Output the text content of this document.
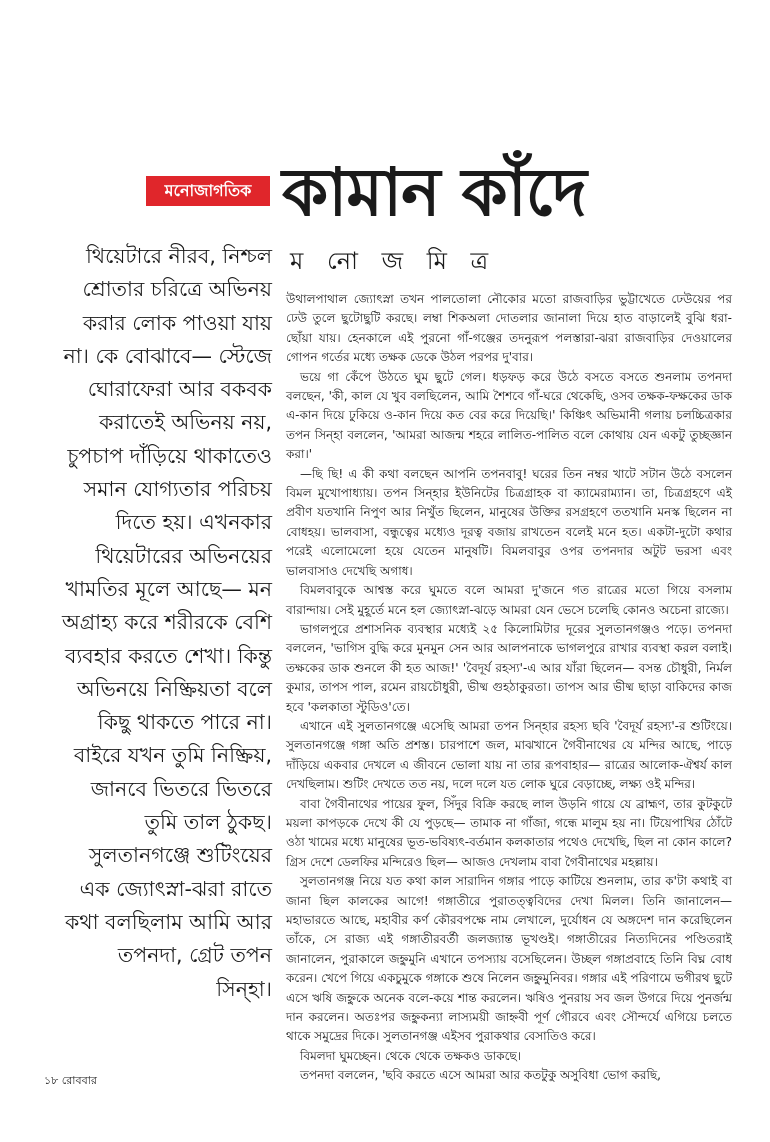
মনোজাগতিক কামান কাঁদে
ম নো জ মি ত্র
থিয়েটারে নীরব, নিশ্চল শ্রোতার চরিত্রে অভিনয় করার লোক পাওয়া যায় না। কে বোঝাবে— স্টেজে ঘোরাফেরা আর বকবক করাতেই অভিনয় নয়, চুপচাপ দাঁড়িয়ে থাকাতেও সমান যোগ্যতার পরিচয় দিতে হয়। এখনকার থিয়েটারের অভিনয়ের খামতির মূলে আছে— মন অগ্রাহ্য করে শরীরকে বেশি ব্যবহার করতে শেখা। কিন্তু অভিনয়ে নিষ্ক্রিয়তা বলে কিছু থাকতে পারে না। বাইরে যখন তুমি নিষ্ক্রিয়, জানবে ভিতরে ভিতরে তুমি তাল ঠুকছ। সুলতানগঞ্জে শুটিংয়ের এক জ্যোৎস্না-ঝরা রাতে কথা বলছিলাম আমি আর তপনদা, গ্রেট তপন সিন্হা।

উথালপাথাল জ্যোৎস্না তখন পালতোলা নৌকোর মতো রাজবাড়ির ভুট্টাখেতে ঢেউয়ের পর ঢেউ তুলে ছুটোছুটি করছে। লম্বা শিকঅলা দোতলার জানালা দিয়ে হাত বাড়ালেই বুঝি ধরা-ছোঁয়া যায়। হেনকালে এই পুরনো গাঁ-গঞ্জের তদনুরূপ পলস্তারা-ঝরা রাজবাড়ির দেওয়ালের গোপন গর্তের মধ্যে তক্ষক ডেকে উঠল পরপর দু'বার।

ভয়ে গা কেঁপে উঠতে ঘুম ছুটে গেল। ধড়ফড় করে উঠে বসতে বসতে শুনলাম তপনদা বলছেন, 'কী, কাল যে খুব বলছিলেন, আমি শৈশবে গাঁ-ঘরে থেকেছি, ওসব তক্ষক-ফক্ষকের ডাক এ-কান দিয়ে ঢুকিয়ে ও-কান দিয়ে কত বের করে দিয়েছি।' কিঞ্চিৎ অভিমানী গলায় চলচ্চিত্রকার তপন সিন্হা বললেন, 'আমরা আজন্ম শহরে লালিত-পালিত বলে কোথায় যেন একটু তুচ্ছজ্ঞান করা।'

—ছি ছি! এ কী কথা বলছেন আপনি তপনবাবু! ঘরের তিন নম্বর খাটে সটান উঠে বসলেন বিমল মুখোপাধ্যায়। তপন সিন্হার ইউনিটের চিত্রগ্রাহক বা ক্যামেরাম্যান। তা, চিত্রগ্রহণে এই প্রবীণ যতখানি নিপুণ আর নিখুঁত ছিলেন, মানুষের উক্তির রসগ্রহণে ততখানি মনস্ক ছিলেন না বোধহয়। ভালবাসা, বন্ধুত্বের মধ্যেও দূরত্ব বজায় রাখতেন বলেই মনে হত। একটা-দুটো কথার পরেই এলোমেলো হয়ে যেতেন মানুষটি। বিমলবাবুর ওপর তপনদার অটুট ভরসা এবং ভালবাসাও দেখেছি অগাধ।

বিমলবাবুকে আশ্বস্ত করে ঘুমতে বলে আমরা দু'জনে গত রাত্রের মতো গিয়ে বসলাম বারান্দায়। সেই মুহূর্তে মনে হল জ্যোৎস্না-ঝড়ে আমরা যেন ভেসে চলেছি কোনও অচেনা রাজ্যে।

ভাগলপুরে প্রশাসনিক ব্যবস্থার মধ্যেই ২৫ কিলোমিটার দূরের সুলতানগঞ্জও পড়ে। তপনদা বললেন, 'ভাগিস বুদ্ধি করে মুনমুন সেন আর আলপনাকে ভাগলপুরে রাখার ব্যবস্থা করল বলাই। তক্ষকের ডাক শুনলে কী হত আজ!' 'বৈদূর্য রহস্য'-এ আর যাঁরা ছিলেন— বসন্ত চৌধুরী, নির্মল কুমার, তাপস পাল, রমেন রায়চৌধুরী, ভীষ্ম গুহঠাকুরতা। তাপস আর ভীষ্ম ছাড়া বাকিদের কাজ হবে 'কলকাতা স্টুডিও'তে।

এখানে এই সুলতানগঞ্জে এসেছি আমরা তপন সিন্হার রহস্য ছবি 'বৈদূর্য রহস্য'-র শুটিংয়ে। সুলতানগঞ্জে গঙ্গা অতি প্রশস্ত। চারপাশে জল, মাঝখানে গৈবীনাথের যে মন্দির আছে, পাড়ে দাঁড়িয়ে একবার দেখলে এ জীবনে ভোলা যায় না তার রূপবাহার— রাত্রের আলোক-ঐশ্বর্য কাল দেখছিলাম। শুটিং দেখতে তত নয়, দলে দলে যত লোক ঘুরে বেড়াচ্ছে, লক্ষ্য ওই মন্দির।

বাবা গৈবীনাথের পায়ের ফুল, সিঁদুর বিক্রি করছে লাল উড়নি গায়ে যে ব্রাহ্মণ, তার কুটকুটে ময়লা কাপড়কে দেখে কী যে পুড়ছে— তামাক না গাঁজা, গন্ধে মালুম হয় না। টিয়েপাখির ঠোঁটে ওঠা খামের মধ্যে মানুষের ভূত-ভবিষ্যৎ-বর্তমান কলকাতার পথেও দেখেছি, ছিল না কোন কালে? গ্রিস দেশে ডেলফির মন্দিরেও ছিল— আজও দেখলাম বাবা গৈবীনাথের মহল্লায়।

সুলতানগঞ্জ নিয়ে যত কথা কাল সারাদিন গঙ্গার পাড়ে কাটিয়ে শুনলাম, তার ক'টা কথাই বা জানা ছিল কালকের আগে! গঙ্গাতীরে পুরাতত্ত্ববিদের দেখা মিলল। তিনি জানালেন— মহাভারতে আছে, মহাবীর কর্ণ কৌরবপক্ষে নাম লেখালে, দুর্যোধন যে অঙ্গদেশ দান করেছিলেন তাঁকে, সে রাজ্য এই গঙ্গাতীরবর্তী জলজ্যান্ত ভূখণ্ডই। গঙ্গাতীরের নিত্যদিনের পণ্ডিতরাই জানালেন, পুরাকালে জহ্নুমুনি এখানে তপস্যায় বসেছিলেন। উচ্ছল গঙ্গাপ্রবাহে তিনি বিঘ্ন বোধ করেন। খেপে গিয়ে একচুমুকে গঙ্গাকে শুষে নিলেন জহ্নুমুনিবর। গঙ্গার এই পরিণামে ভগীরথ ছুটে এসে ঋষি জহ্নুকে অনেক বলে-কয়ে শান্ত করলেন। ঋষিও পুনরায় সব জল উগরে দিয়ে পুনর্জন্ম দান করলেন। অতঃপর জহ্নুকন্যা লাস্যময়ী জাহ্নবী পূর্ণ গৌরবে এবং সৌন্দর্যে এগিয়ে চলতে থাকে সমুদ্রের দিকে। সুলতানগঞ্জ এইসব পুরাকথার বেসাতিও করে।

বিমলদা ঘুমচ্ছেন। থেকে থেকে তক্ষকও ডাকছে।

তপনদা বললেন, 'ছবি করতে এসে আমরা আর কতটুকু অসুবিধা ভোগ করছি,

১৮ রোববার
